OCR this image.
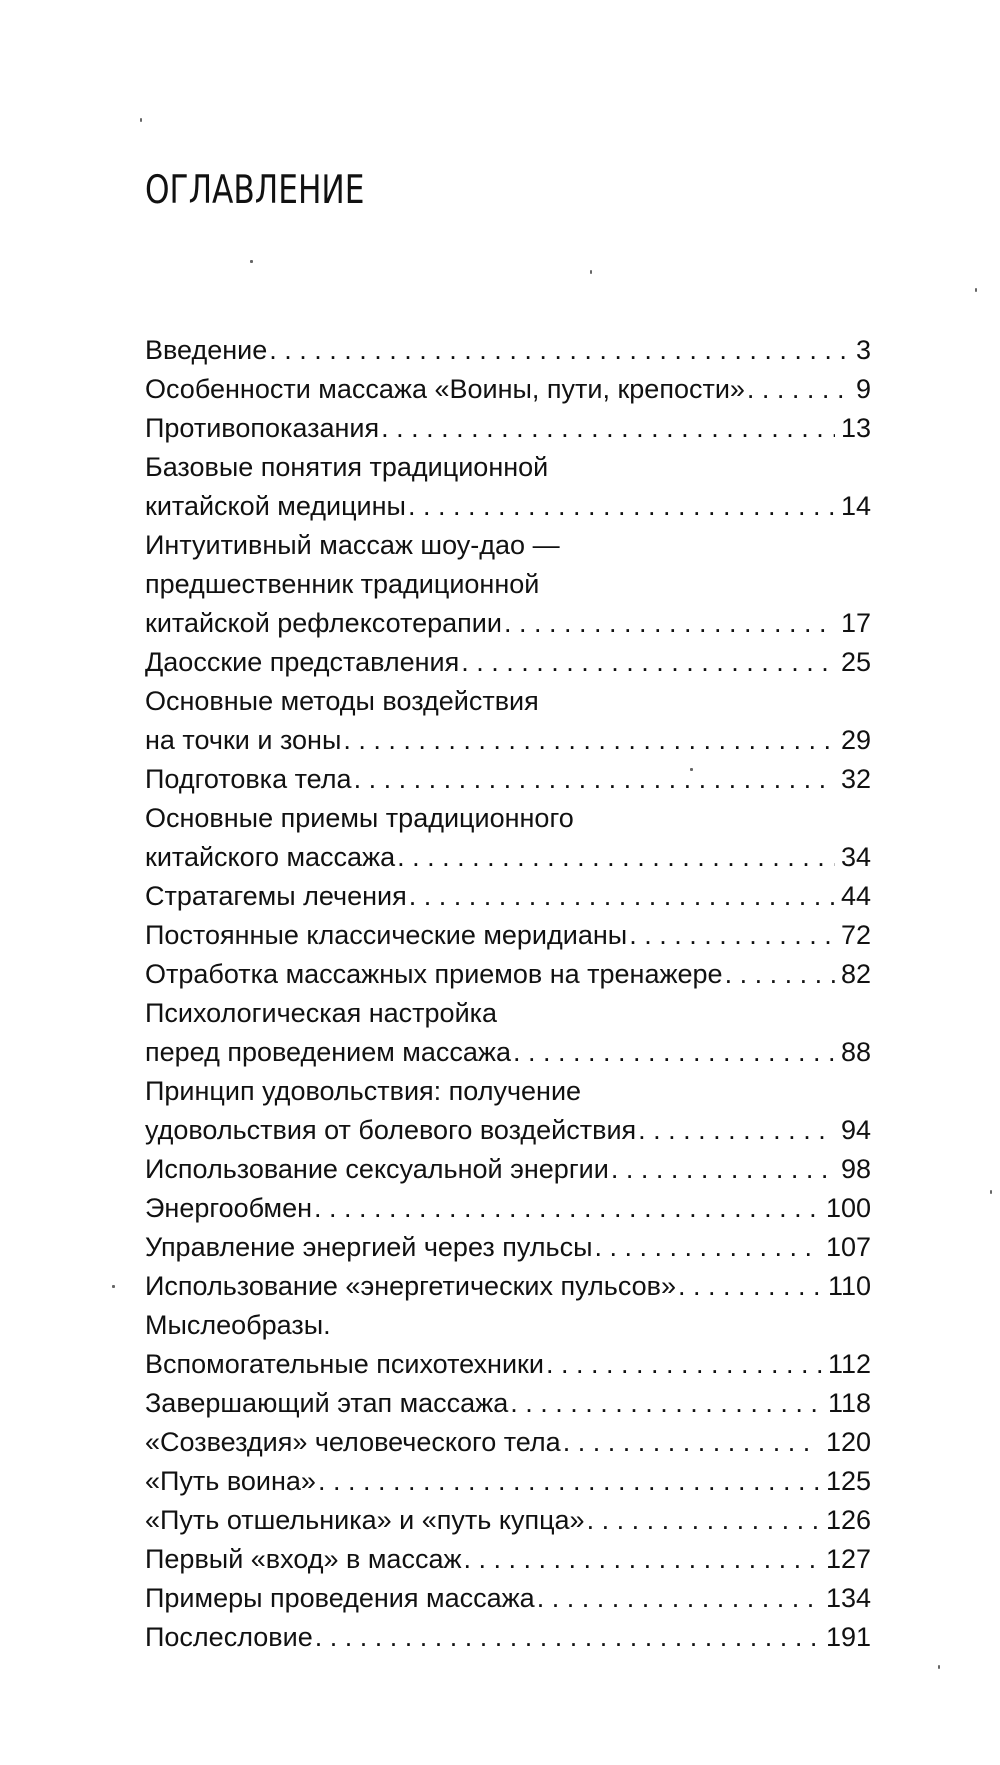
ОГЛАВЛЕНИЕ
Введение . . .	3
Особенности массажа «Воины, пути, крепости» . . .	9
Противопоказания . . .	13
Базовые понятия традиционной
китайской медицины . . .	14
Интуитивный массаж шоу-дао —
предшественник традиционной
китайской рефлексотерапии . . .	17
Даосские представления . . .	25
Основные методы воздействия
на точки и зоны . . .	29
Подготовка тела . . .	32
Основные приемы традиционного
китайского массажа . . .	34
Стратагемы лечения . . .	44
Постоянные классические меридианы . . .	72
Отработка массажных приемов на тренажере . . .	82
Психологическая настройка
перед проведением массажа . . .	88
Принцип удовольствия: получение
удовольствия от болевого воздействия . . .	94
Использование сексуальной энергии . . .	98
Энергообмен . . .	100
Управление энергией через пульсы . . .	107
Использование «энергетических пульсов» . . .	110
Мыслеобразы.
Вспомогательные психотехники . . .	112
Завершающий этап массажа . . .	118
«Созвездия» человеческого тела . . .	120
«Путь воина» . . .	125
«Путь отшельника» и «путь купца» . . .	126
Первый «вход» в массаж . . .	127
Примеры проведения массажа . . .	134
Послесловие . . .	191
